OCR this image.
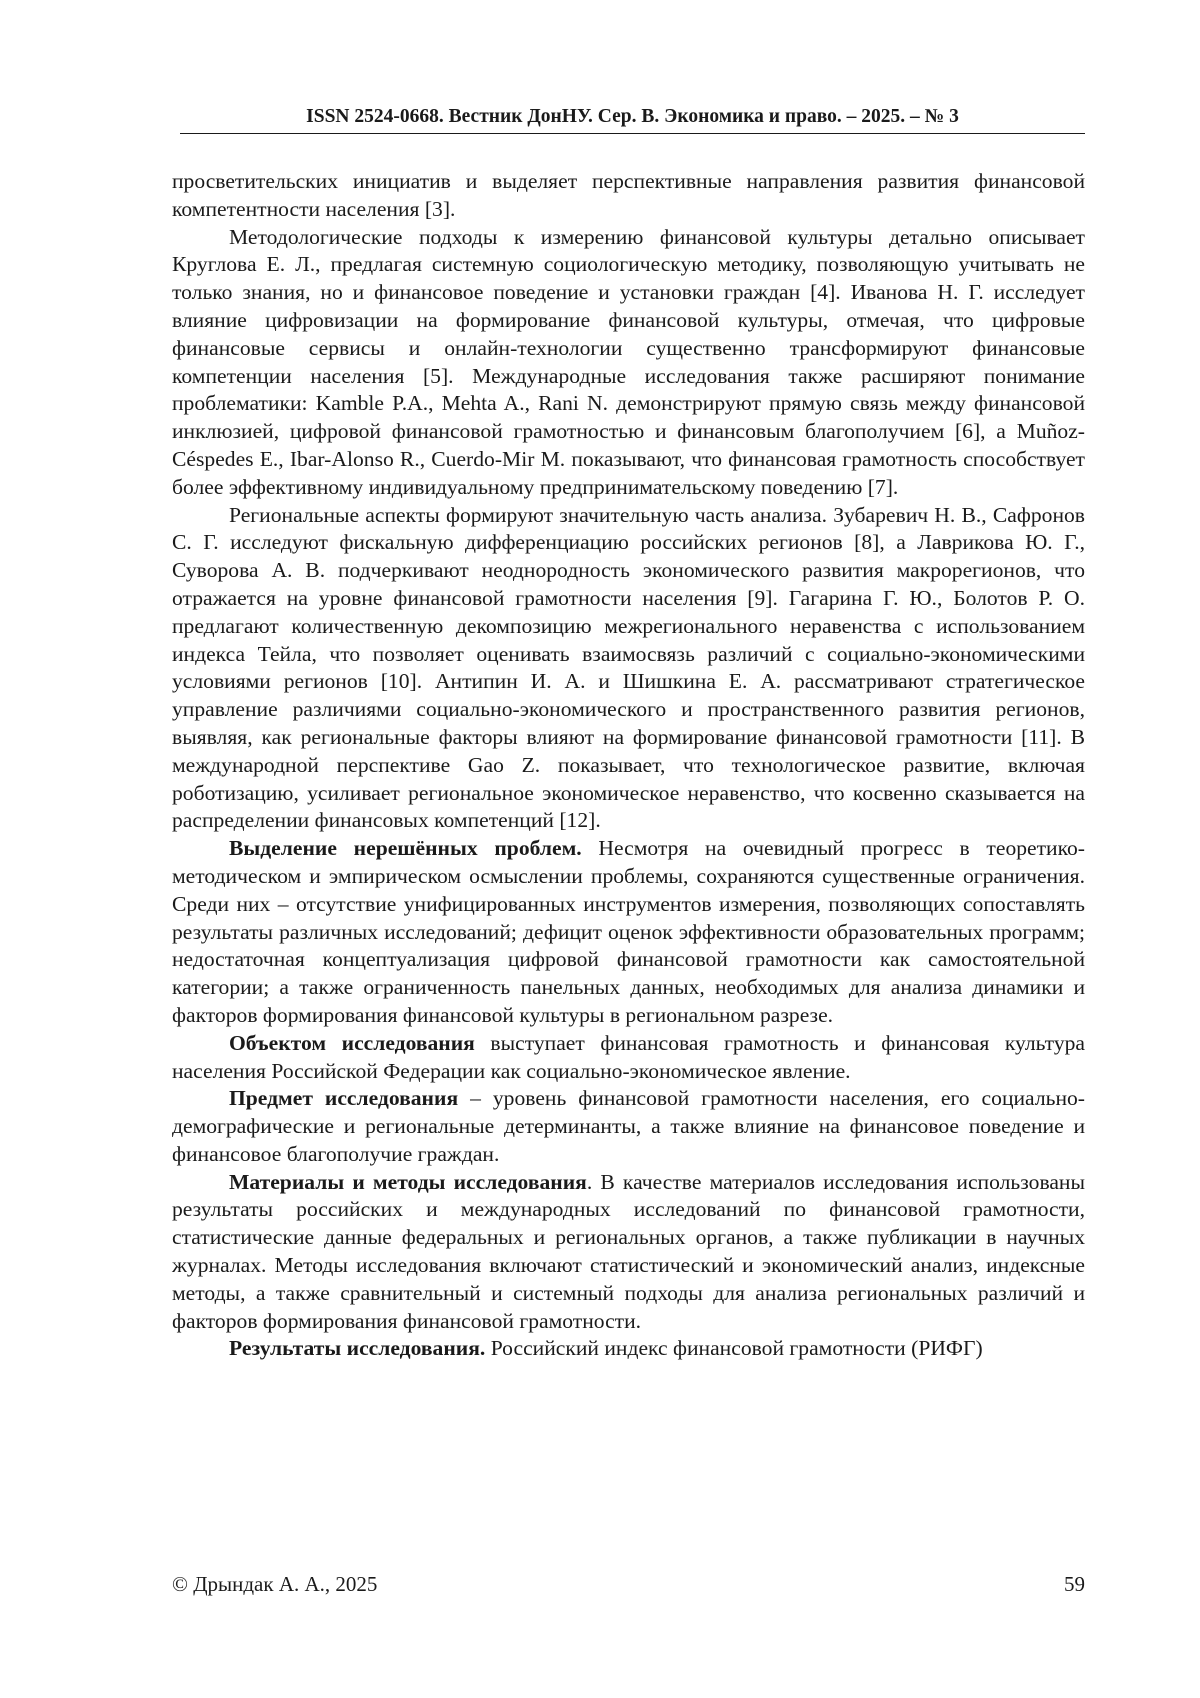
ISSN 2524-0668. Вестник ДонНУ. Сер. В. Экономика и право. – 2025. – № 3

просветительских инициатив и выделяет перспективные направления развития финансовой компетентности населения [3].

Методологические подходы к измерению финансовой культуры детально описывает Круглова Е. Л., предлагая системную социологическую методику, позволяющую учитывать не только знания, но и финансовое поведение и установки граждан [4]. Иванова Н. Г. исследует влияние цифровизации на формирование финансовой культуры, отмечая, что цифровые финансовые сервисы и онлайн-технологии существенно трансформируют финансовые компетенции населения [5]. Международные исследования также расширяют понимание проблематики: Kamble P.A., Mehta A., Rani N. демонстрируют прямую связь между финансовой инклюзией, цифровой финансовой грамотностью и финансовым благополучием [6], а Muñoz-Céspedes E., Ibar-Alonso R., Cuerdo-Mir M. показывают, что финансовая грамотность способствует более эффективному индивидуальному предпринимательскому поведению [7].

Региональные аспекты формируют значительную часть анализа. Зубаревич Н. В., Сафронов С. Г. исследуют фискальную дифференциацию российских регионов [8], а Лаврикова Ю. Г., Суворова А. В. подчеркивают неоднородность экономического развития макрорегионов, что отражается на уровне финансовой грамотности населения [9]. Гагарина Г. Ю., Болотов Р. О. предлагают количественную декомпозицию межрегионального неравенства с использованием индекса Тейла, что позволяет оценивать взаимосвязь различий с социально-экономическими условиями регионов [10]. Антипин И. А. и Шишкина Е. А. рассматривают стратегическое управление различиями социально-экономического и пространственного развития регионов, выявляя, как региональные факторы влияют на формирование финансовой грамотности [11]. В международной перспективе Gao Z. показывает, что технологическое развитие, включая роботизацию, усиливает региональное экономическое неравенство, что косвенно сказывается на распределении финансовых компетенций [12].

Выделение нерешённых проблем. Несмотря на очевидный прогресс в теоретико-методическом и эмпирическом осмыслении проблемы, сохраняются существенные ограничения. Среди них – отсутствие унифицированных инструментов измерения, позволяющих сопоставлять результаты различных исследований; дефицит оценок эффективности образовательных программ; недостаточная концептуализация цифровой финансовой грамотности как самостоятельной категории; а также ограниченность панельных данных, необходимых для анализа динамики и факторов формирования финансовой культуры в региональном разрезе.

Объектом исследования выступает финансовая грамотность и финансовая культура населения Российской Федерации как социально-экономическое явление.

Предмет исследования – уровень финансовой грамотности населения, его социально-демографические и региональные детерминанты, а также влияние на финансовое поведение и финансовое благополучие граждан.

Материалы и методы исследования. В качестве материалов исследования использованы результаты российских и международных исследований по финансовой грамотности, статистические данные федеральных и региональных органов, а также публикации в научных журналах. Методы исследования включают статистический и экономический анализ, индексные методы, а также сравнительный и системный подходы для анализа региональных различий и факторов формирования финансовой грамотности.

Результаты исследования. Российский индекс финансовой грамотности (РИФГ)

© Дрындак А. А., 2025	59
